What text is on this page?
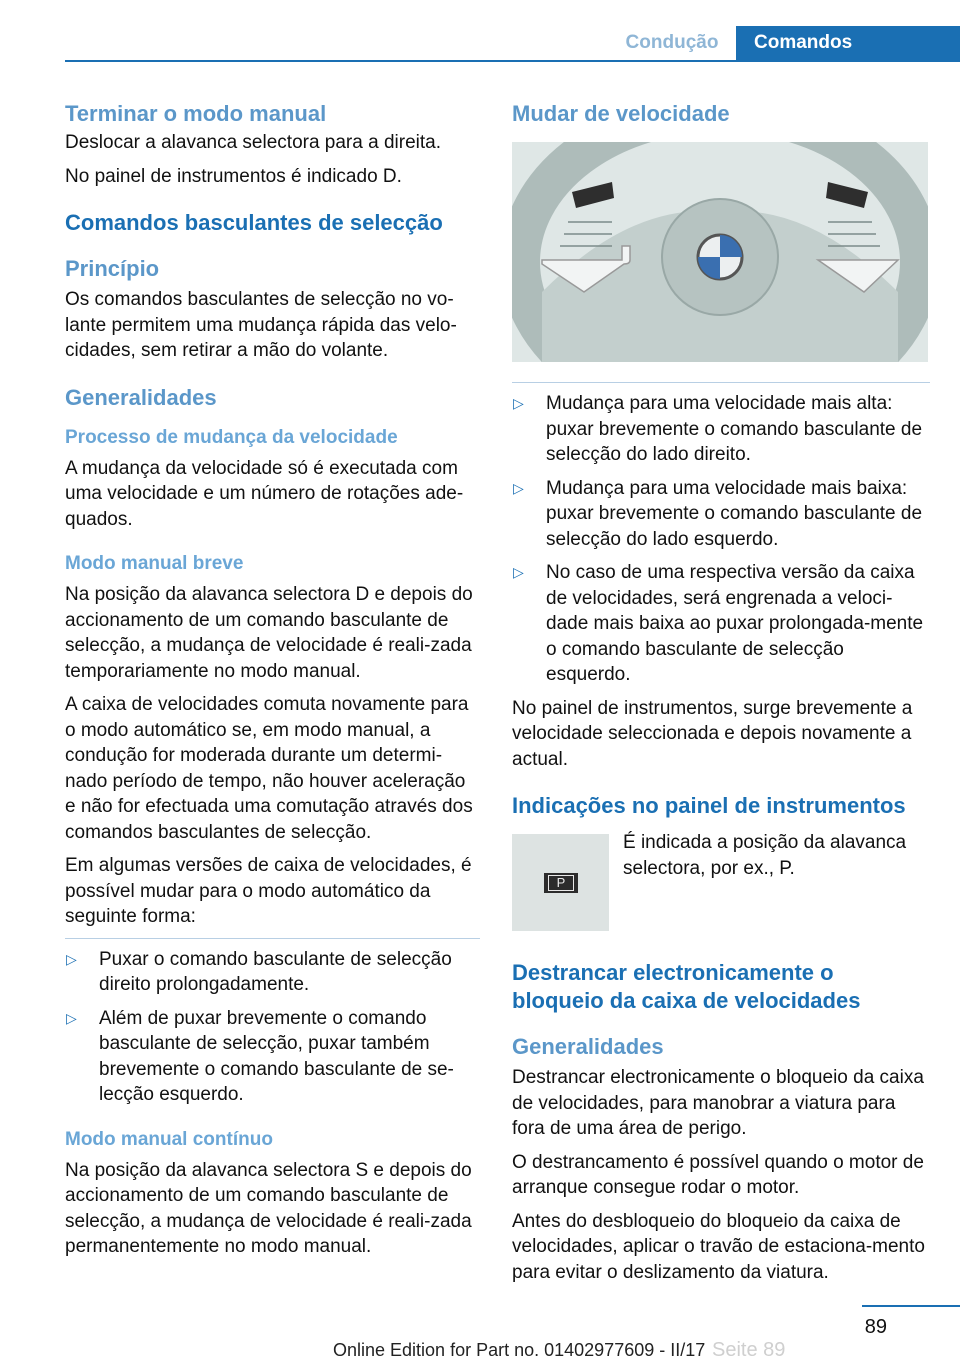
Condução	Comandos
Terminar o modo manual

Deslocar a alavanca selectora para a direita.

No painel de instrumentos é indicado D.

Comandos basculantes de selecção
Princípio

Os comandos basculantes de selecção no vo-lante permitem uma mudança rápida das velo-cidades, sem retirar a mão do volante.

Generalidades
Processo de mudança da velocidade

A mudança da velocidade só é executada com uma velocidade e um número de rotações ade-quados.

Modo manual breve

Na posição da alavanca selectora D e depois do accionamento de um comando basculante de selecção, a mudança de velocidade é reali-zada temporariamente no modo manual.

A caixa de velocidades comuta novamente para o modo automático se, em modo manual, a condução for moderada durante um determi-nado período de tempo, não houver aceleração e não for efectuada uma comutação através dos comandos basculantes de selecção.

Em algumas versões de caixa de velocidades, é possível mudar para o modo automático da seguinte forma:

▷ Puxar o comando basculante de selecção direito prolongadamente.
▷ Além de puxar brevemente o comando basculante de selecção, puxar também brevemente o comando basculante de se-lecção esquerdo.
Modo manual contínuo

Na posição da alavanca selectora S e depois do accionamento de um comando basculante de selecção, a mudança de velocidade é reali-zada permanentemente no modo manual.

Mudar de velocidade
▷ Mudança para uma velocidade mais alta: puxar brevemente o comando basculante de selecção do lado direito.
▷ Mudança para uma velocidade mais baixa: puxar brevemente o comando basculante de selecção do lado esquerdo.
▷ No caso de uma respectiva versão da caixa de velocidades, será engrenada a veloci-dade mais baixa ao puxar prolongada-mente o comando basculante de selecção esquerdo.

No painel de instrumentos, surge brevemente a velocidade seleccionada e depois novamente a actual.

Indicações no painel de instrumentos
P

É indicada a posição da alavanca selectora, por ex., P.

Destrancar electronicamente o bloqueio da caixa de velocidades
Generalidades

Destrancar electronicamente o bloqueio da caixa de velocidades, para manobrar a viatura para fora de uma área de perigo.

O destrancamento é possível quando o motor de arranque consegue rodar o motor.

Antes do desbloqueio do bloqueio da caixa de velocidades, aplicar o travão de estaciona-mento para evitar o deslizamento da viatura.

89
Seite 89
Online Edition for Part no. 01402977609 - II/17
